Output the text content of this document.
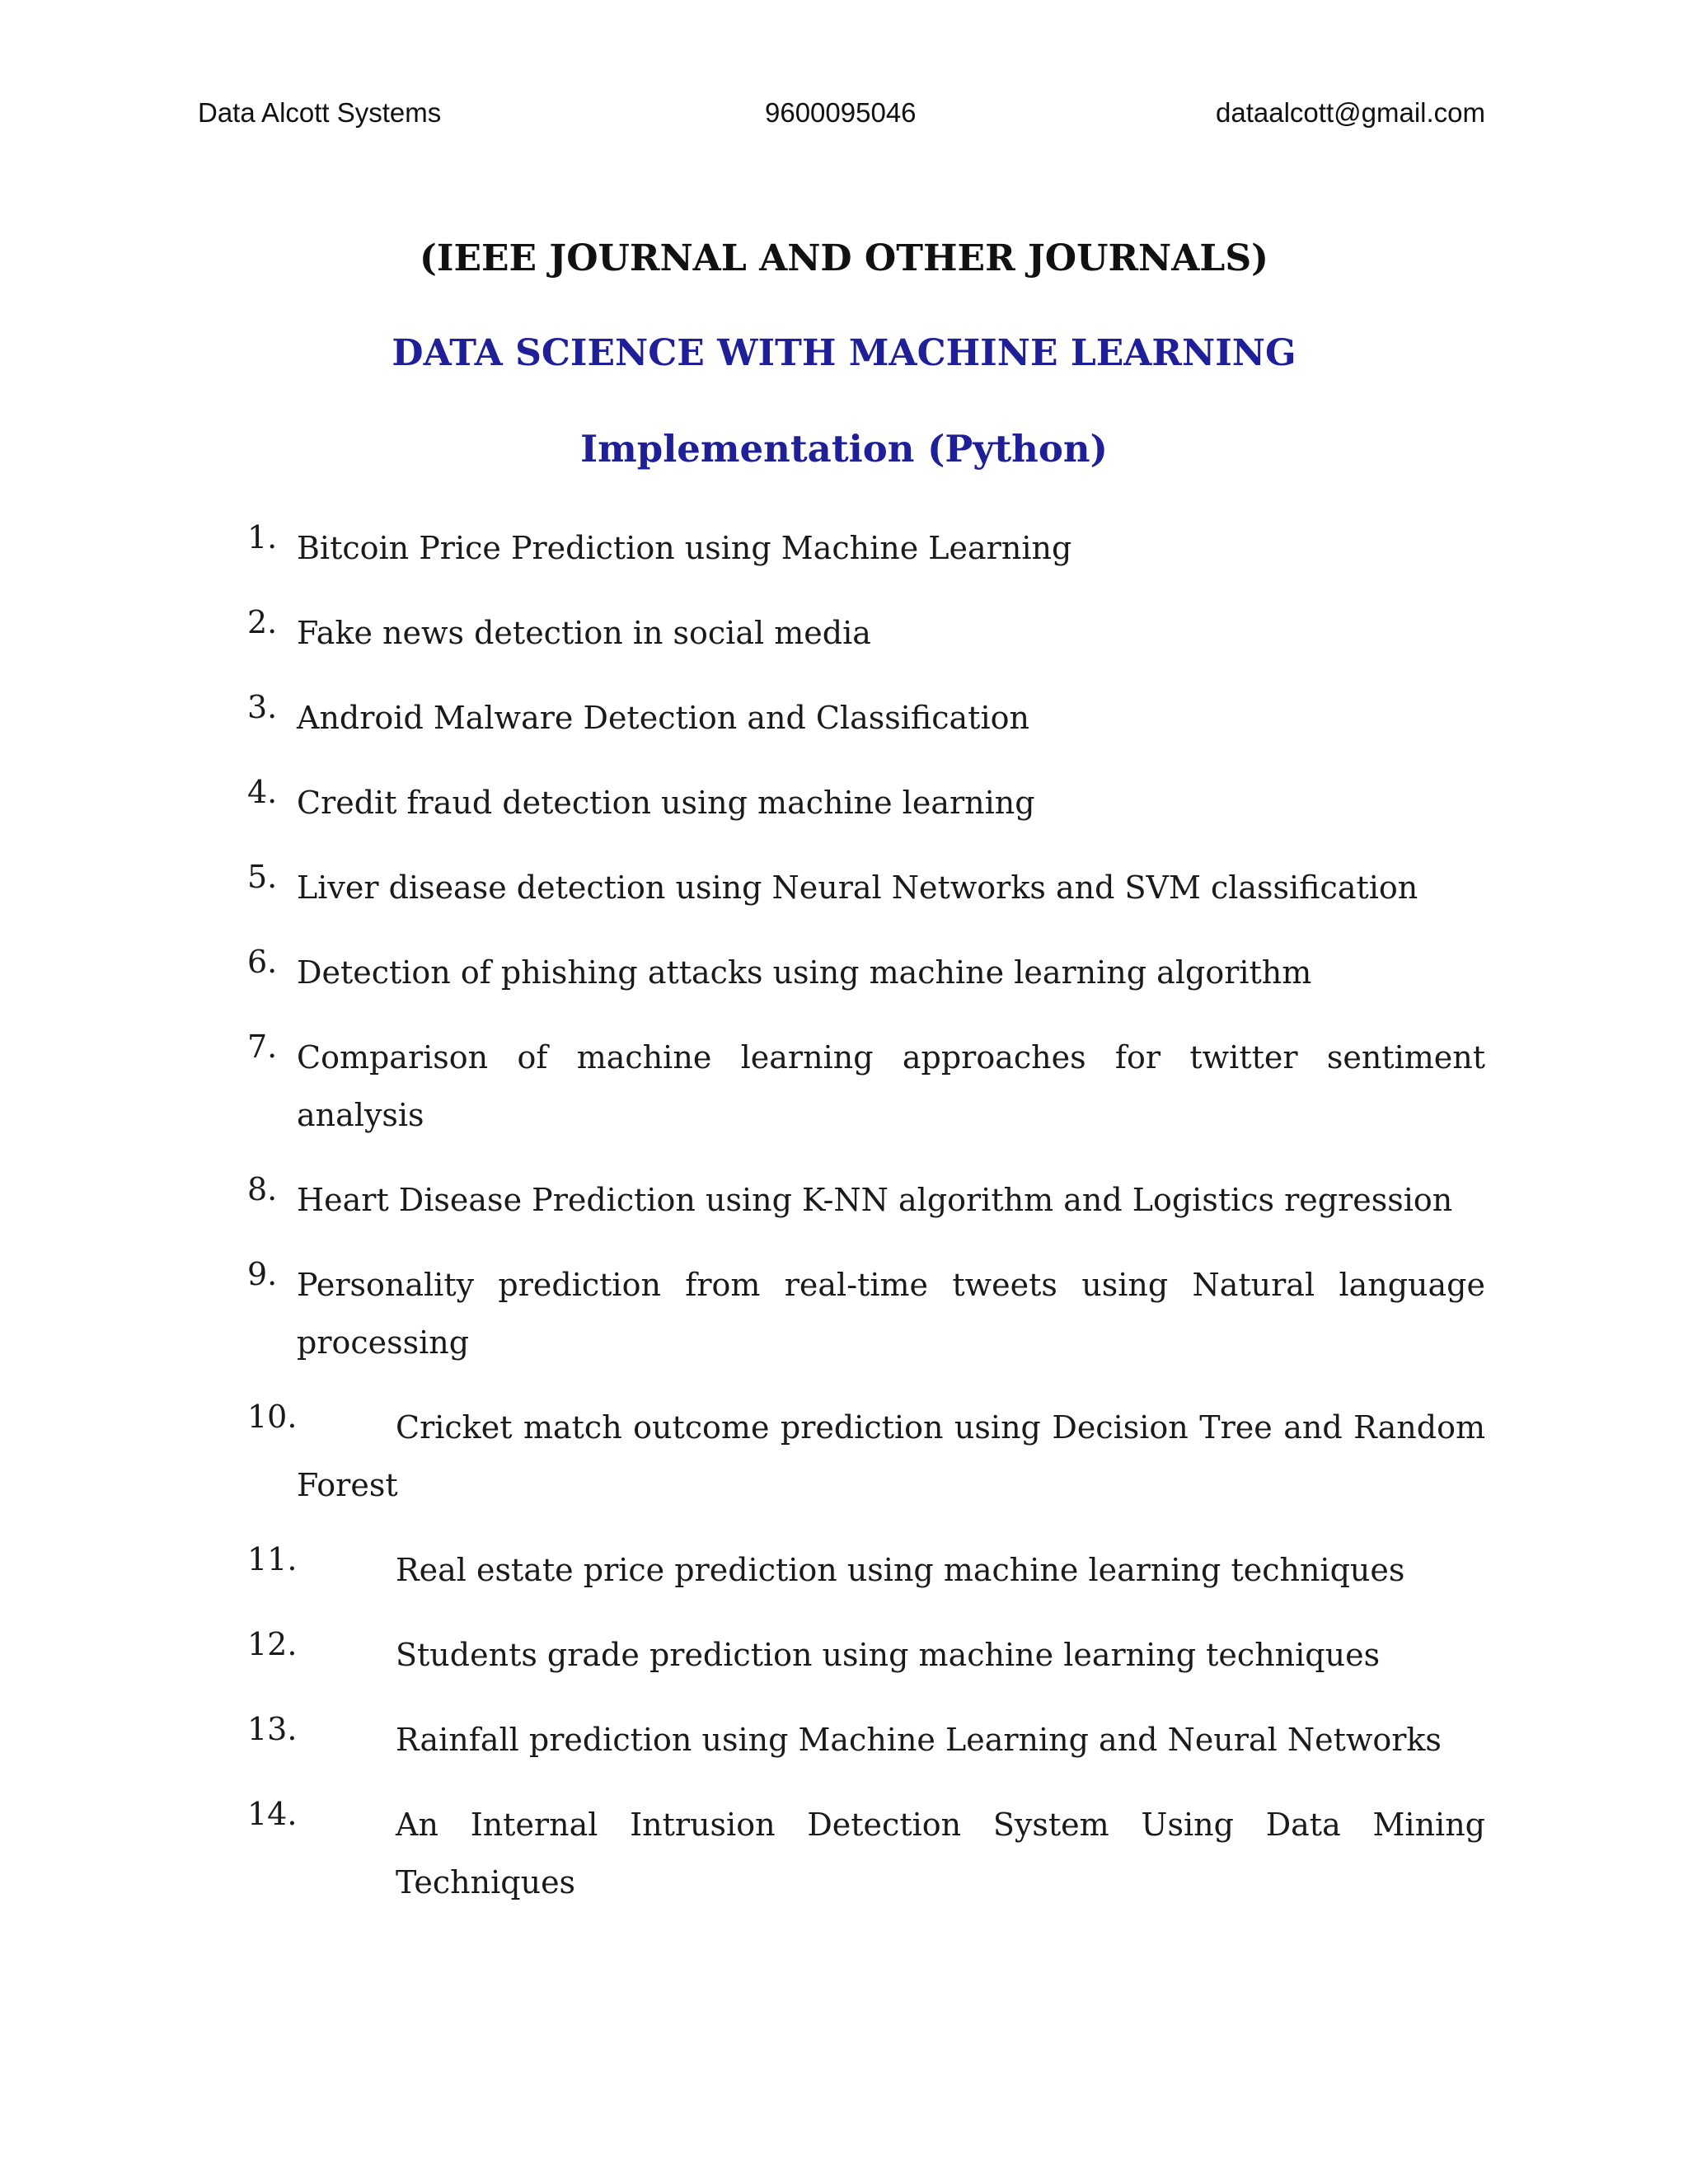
Data Alcott Systems	9600095046	dataalcott@gmail.com
(IEEE JOURNAL AND OTHER JOURNALS)
DATA SCIENCE WITH MACHINE LEARNING
Implementation (Python)
1. Bitcoin Price Prediction using Machine Learning
2. Fake news detection in social media
3. Android Malware Detection and Classification
4. Credit fraud detection using machine learning
5. Liver disease detection using Neural Networks and SVM classification
6. Detection of phishing attacks using machine learning algorithm
7. Comparison of machine learning approaches for twitter sentiment analysis
8. Heart Disease Prediction using K-NN algorithm and Logistics regression
9. Personality prediction from real-time tweets using Natural language processing
10.	Cricket match outcome prediction using Decision Tree and Random Forest
11.	Real estate price prediction using machine learning techniques
12.	Students grade prediction using machine learning techniques
13.	Rainfall prediction using Machine Learning and Neural Networks
14.	An Internal Intrusion Detection System Using Data Mining Techniques
